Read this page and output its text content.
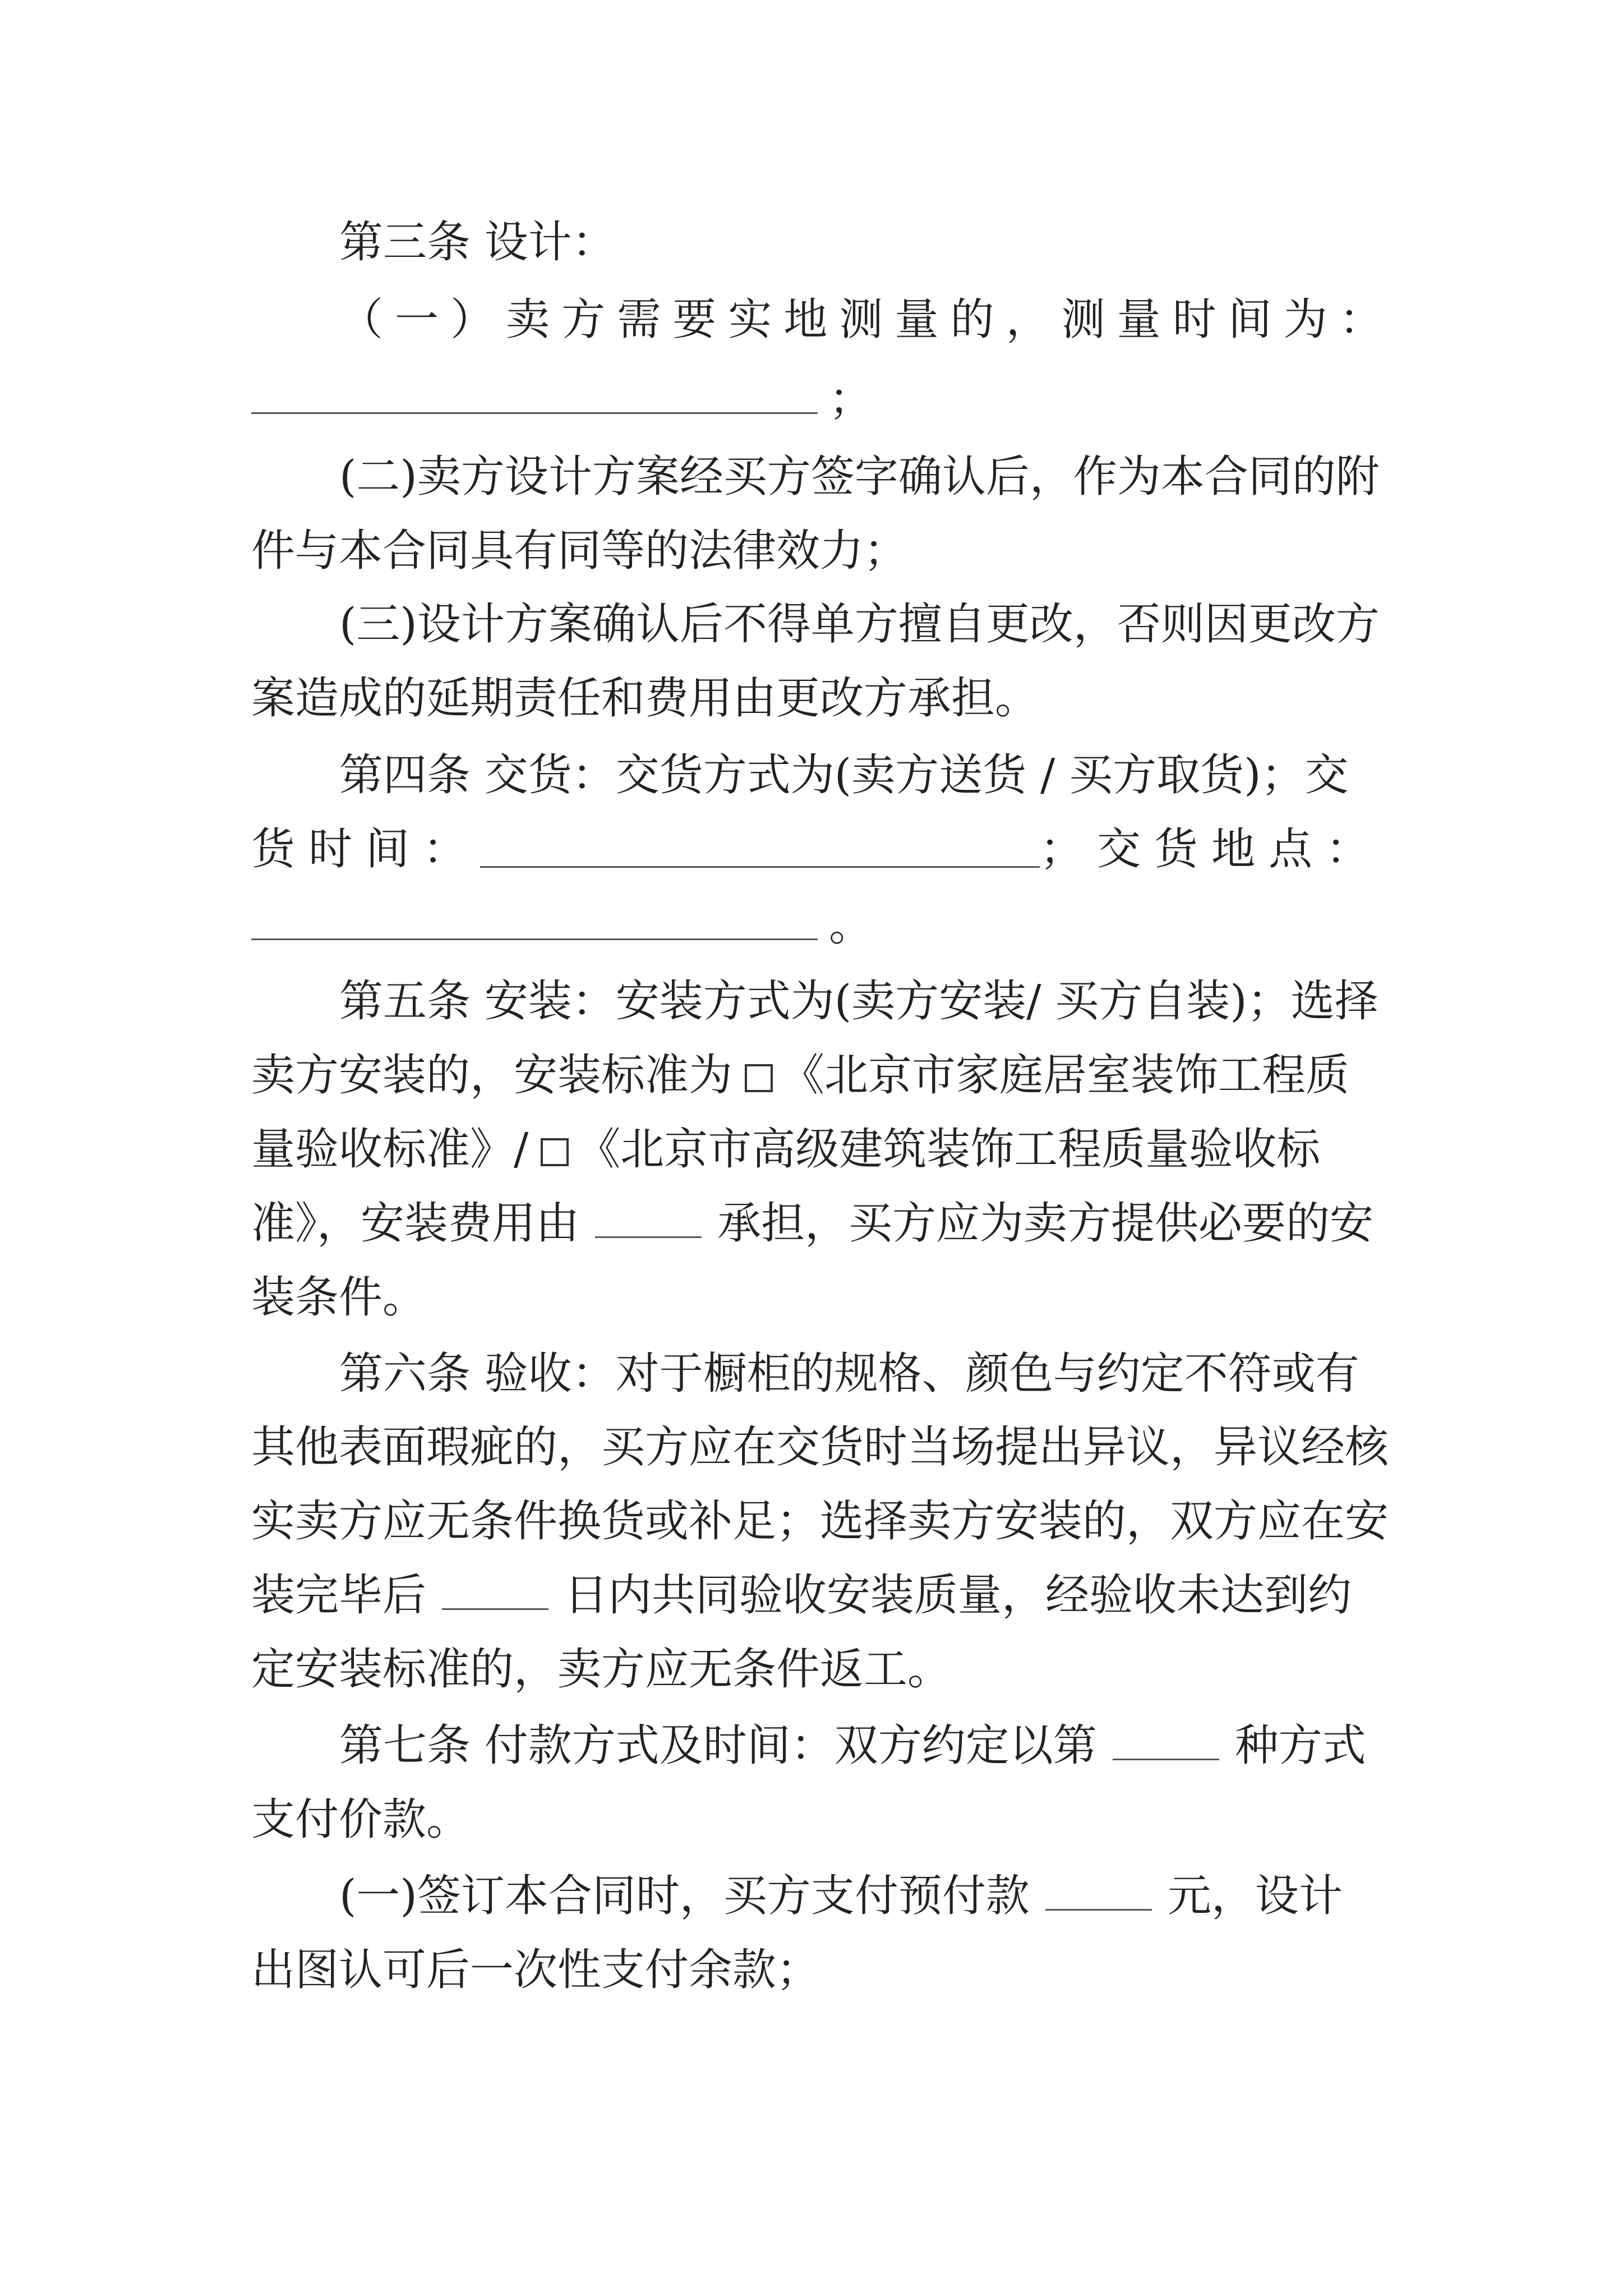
第三条 设计：
（ 一 ） 卖 方 需 要 实 地 测 量 的 ， 测 量 时 间 为 ：
；
(二)卖方设计方案经买方签字确认后，作为本合同的附
件与本合同具有同等的法律效力；
(三)设计方案确认后不得单方擅自更改，否则因更改方
案造成的延期责任和费用由更改方承担。
第四条 交货：交货方式为(卖方送货 / 买方取货)；交
货时间：	；交货地点：
。
第五条 安装：安装方式为(卖方安装/ 买方自装)；选择
卖方安装的，安装标准为 《北京市家庭居室装饰工程质
量验收标准》/ 《北京市高级建筑装饰工程质量验收标
准》，安装费用由	承担，买方应为卖方提供必要的安
装条件。
第六条 验收：对于橱柜的规格、颜色与约定不符或有
其他表面瑕疵的，买方应在交货时当场提出异议，异议经核
实卖方应无条件换货或补足；选择卖方安装的，双方应在安
装完毕后	日内共同验收安装质量，经验收未达到约
定安装标准的，卖方应无条件返工。
第七条 付款方式及时间：双方约定以第	种方式
支付价款。
(一)签订本合同时，买方支付预付款	元，设计
出图认可后一次性支付余款；
